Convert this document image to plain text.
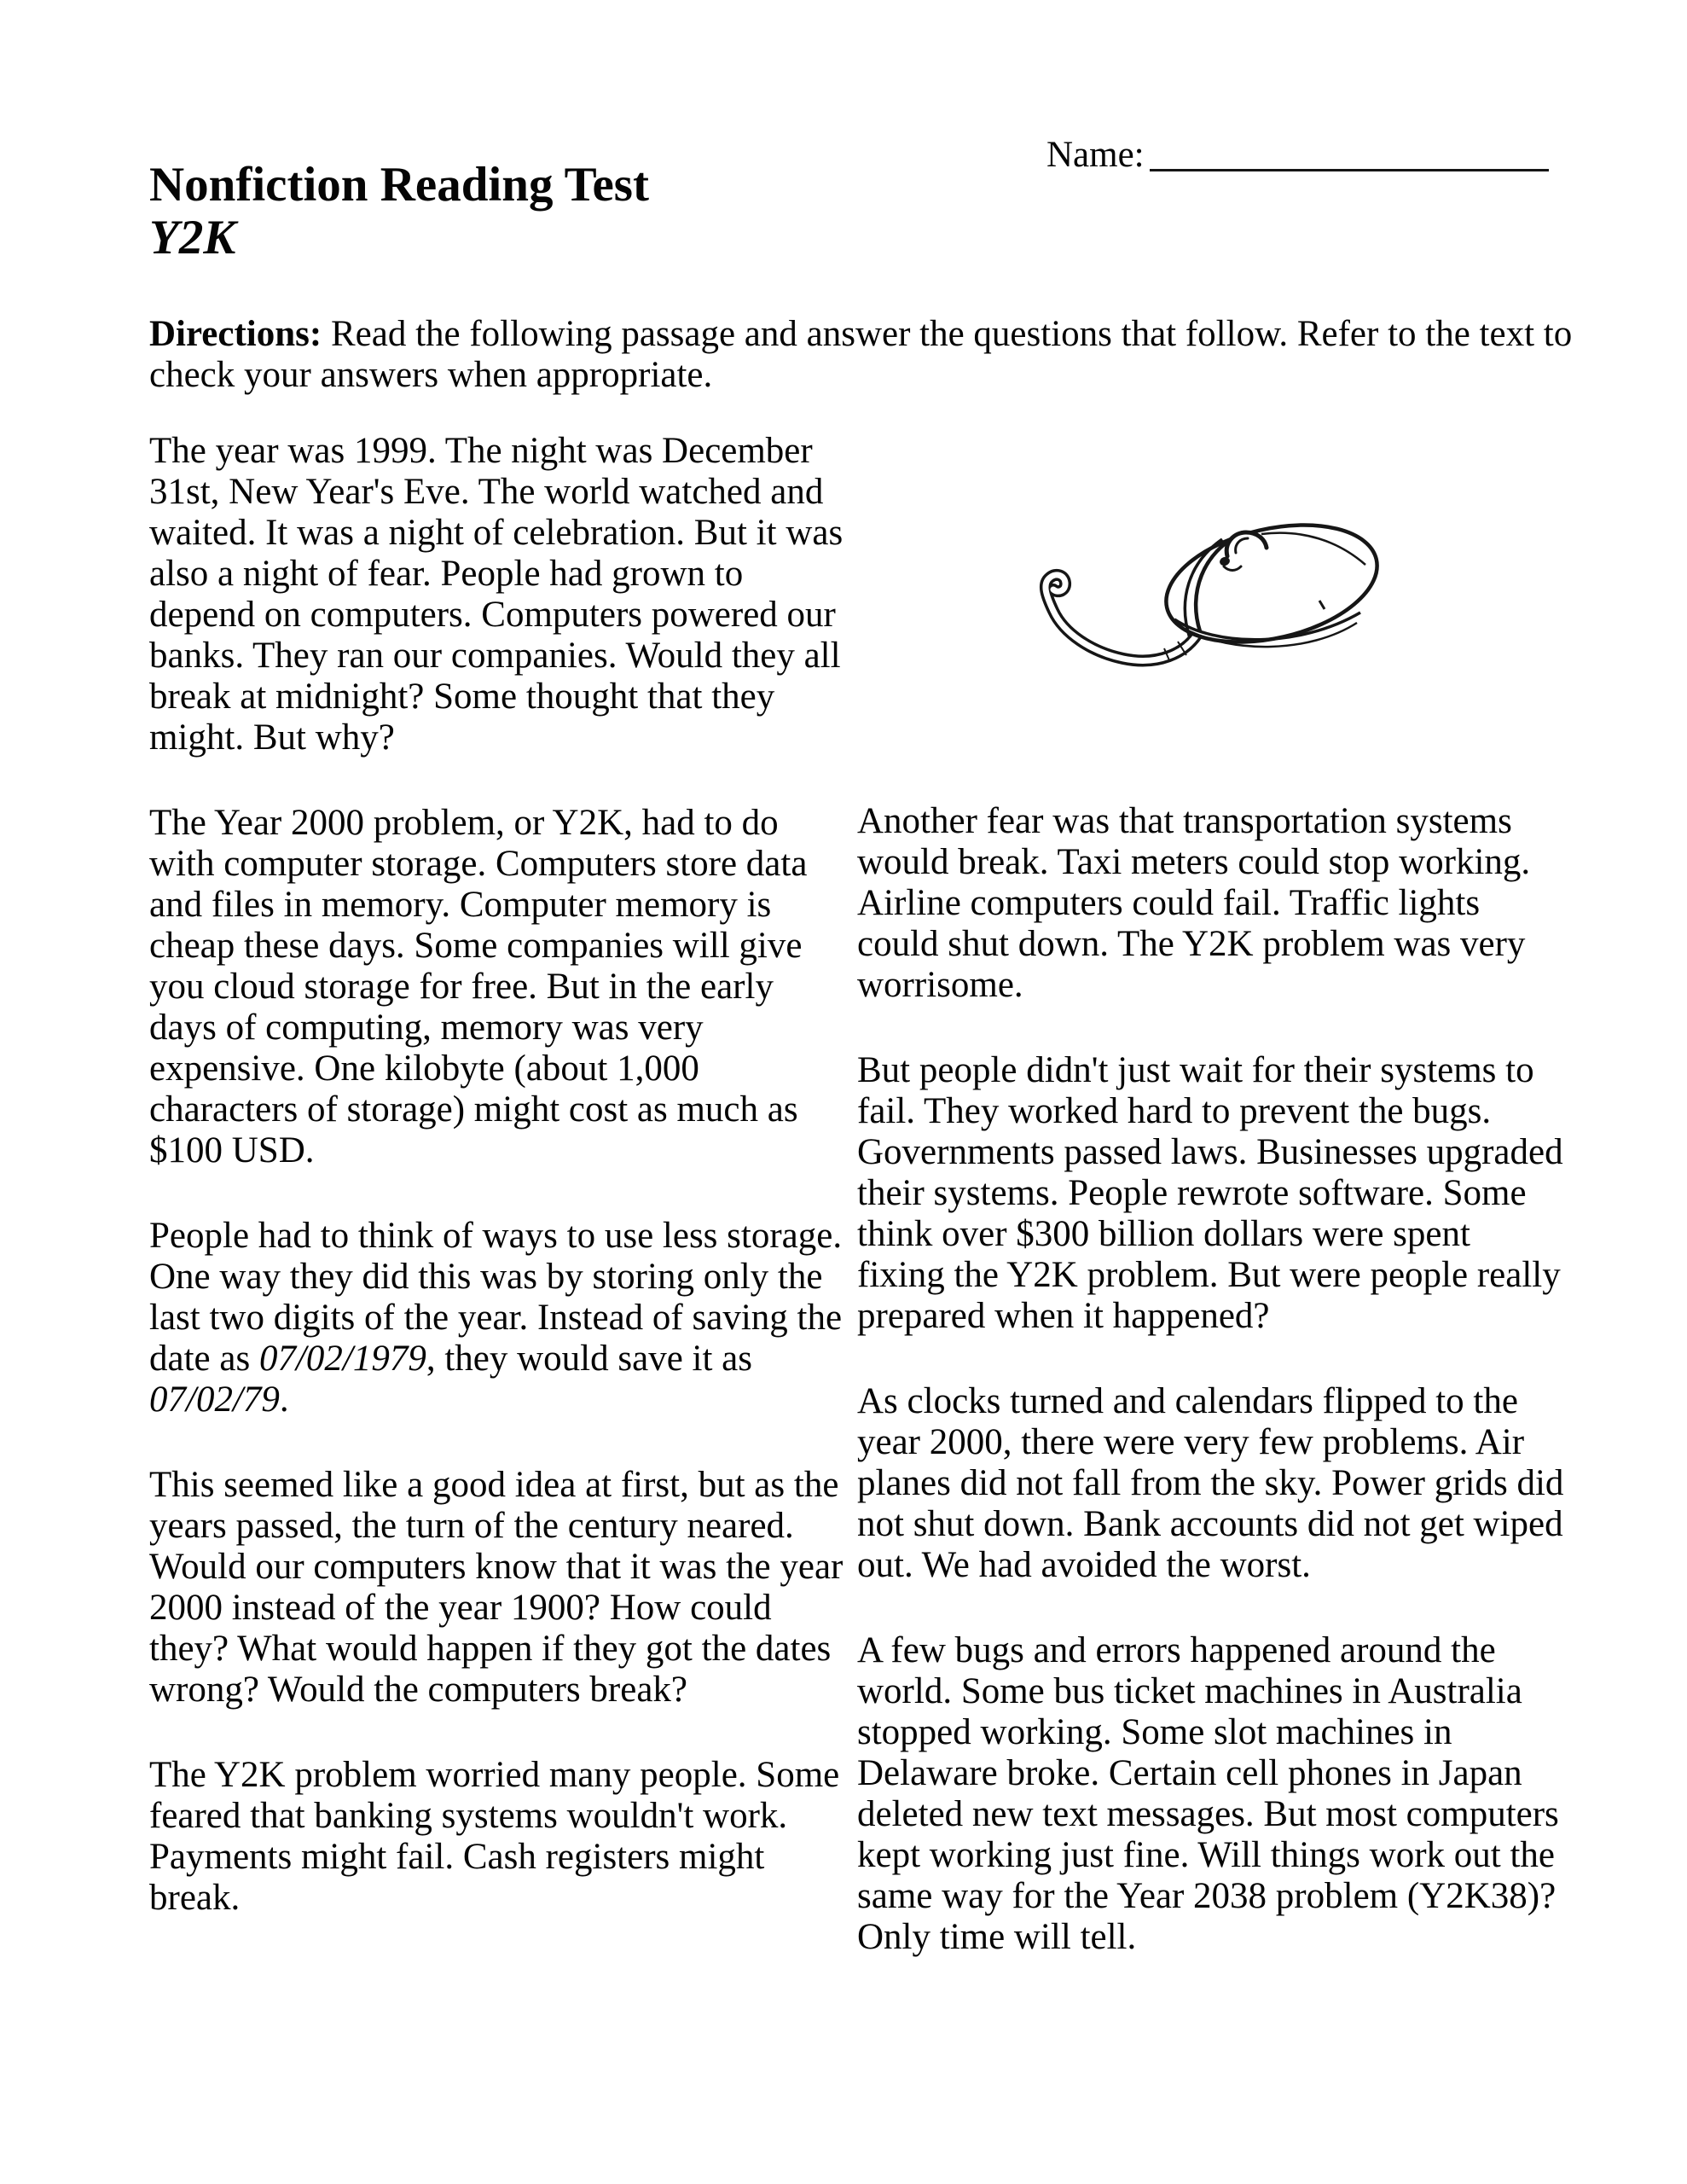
Name:
Nonfiction Reading Test
Y2K

Directions: Read the following passage and answer the questions that follow. Refer to the text to check your answers when appropriate.

The year was 1999. The night was December 31st, New Year's Eve. The world watched and waited. It was a night of celebration. But it was also a night of fear. People had grown to depend on computers. Computers powered our banks. They ran our companies. Would they all break at midnight? Some thought that they might. But why?

The Year 2000 problem, or Y2K, had to do with computer storage. Computers store data and files in memory. Computer memory is cheap these days. Some companies will give you cloud storage for free. But in the early days of computing, memory was very expensive. One kilobyte (about 1,000 characters of storage) might cost as much as $100 USD.

People had to think of ways to use less storage. One way they did this was by storing only the last two digits of the year. Instead of saving the date as 07/02/1979, they would save it as 07/02/79.

This seemed like a good idea at first, but as the years passed, the turn of the century neared. Would our computers know that it was the year 2000 instead of the year 1900? How could they? What would happen if they got the dates wrong? Would the computers break?

The Y2K problem worried many people. Some feared that banking systems wouldn't work. Payments might fail. Cash registers might break.

Another fear was that transportation systems would break. Taxi meters could stop working. Airline computers could fail. Traffic lights could shut down. The Y2K problem was very worrisome.

But people didn't just wait for their systems to fail. They worked hard to prevent the bugs. Governments passed laws. Businesses upgraded their systems. People rewrote software. Some think over $300 billion dollars were spent fixing the Y2K problem. But were people really prepared when it happened?

As clocks turned and calendars flipped to the year 2000, there were very few problems. Air planes did not fall from the sky. Power grids did not shut down. Bank accounts did not get wiped out. We had avoided the worst.

A few bugs and errors happened around the world. Some bus ticket machines in Australia stopped working. Some slot machines in Delaware broke. Certain cell phones in Japan deleted new text messages. But most computers kept working just fine. Will things work out the same way for the Year 2038 problem (Y2K38)? Only time will tell.
